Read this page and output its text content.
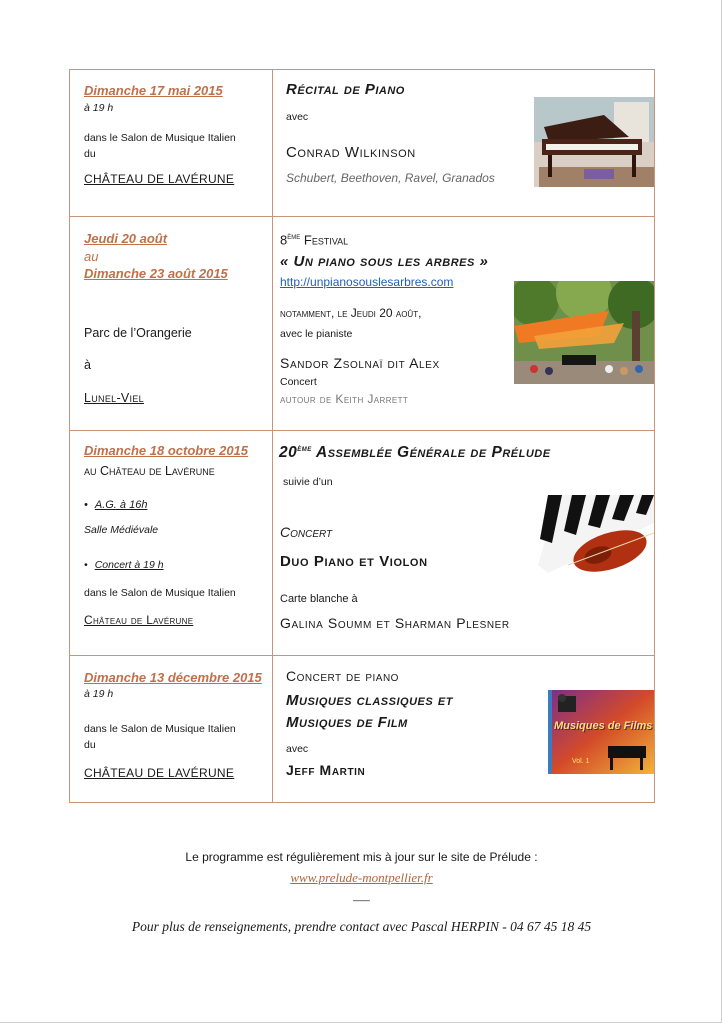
Dimanche 17 mai 2015
à 19 h
dans le Salon de Musique Italien
du
CHÂTEAU DE LAVÉRUNE
Récital de Piano
avec
Conrad Wilkinson
Schubert, Beethoven, Ravel, Granados
Jeudi 20 août
au
Dimanche 23 août 2015
Parc de l’Orangerie
à
Lunel-Viel
8ème Festival
« Un piano sous les arbres »
http://unpianosouslesarbres.com
notamment, le Jeudi 20 août,
avec le pianiste
Sandor Zsolnaï dit Alex
Concert
autour de Keith Jarrett
Dimanche 18 octobre 2015
au Château de Lavérune
• A.G. à 16h
Salle Médiévale
• Concert à 19 h
dans le Salon de Musique Italien
Château de Lavérune
20ème Assemblée Générale de Prélude
suivie d’un
Concert
Duo Piano et Violon
Carte blanche à
Galina Soumm et Sharman Plesner
Dimanche 13 décembre 2015
à 19 h
dans le Salon de Musique Italien
du
CHÂTEAU DE LAVÉRUNE
Concert de piano
Musiques classiques et
Musiques de Film
avec
Jeff Martin
Musiques de Films
Vol. 1
Le programme est régulièrement mis à jour sur le site de Prélude :
www.prelude-montpellier.fr
___
Pour plus de renseignements, prendre contact avec Pascal HERPIN - 04 67 45 18 45
